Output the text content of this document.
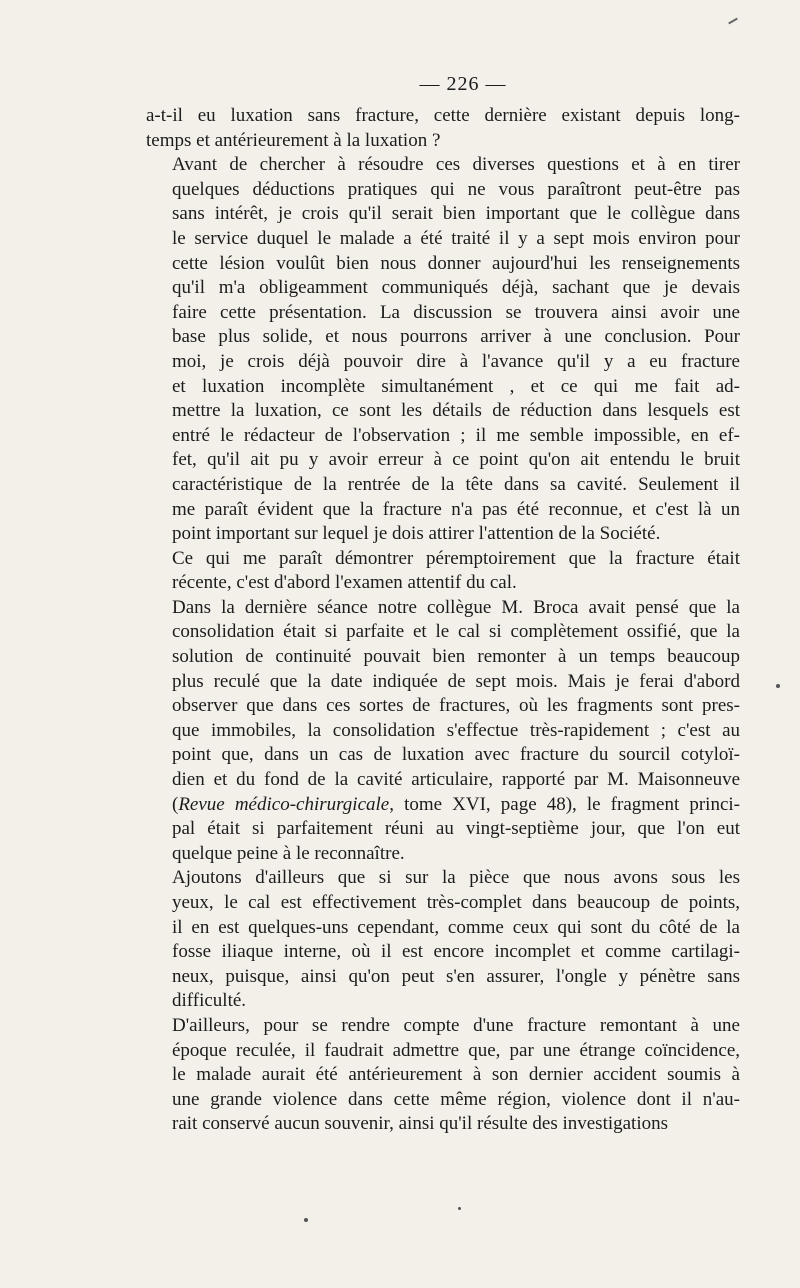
— 226 —

a-t-il eu luxation sans fracture, cette dernière existant depuis long-
temps et antérieurement à la luxation ?

Avant de chercher à résoudre ces diverses questions et à en tirer
quelques déductions pratiques qui ne vous paraîtront peut-être pas
sans intérêt, je crois qu'il serait bien important que le collègue dans
le service duquel le malade a été traité il y a sept mois environ pour
cette lésion voulût bien nous donner aujourd'hui les renseignements
qu'il m'a obligeamment communiqués déjà, sachant que je devais
faire cette présentation. La discussion se trouvera ainsi avoir une
base plus solide, et nous pourrons arriver à une conclusion. Pour
moi, je crois déjà pouvoir dire à l'avance qu'il y a eu fracture
et luxation incomplète simultanément , et ce qui me fait ad-
mettre la luxation, ce sont les détails de réduction dans lesquels est
entré le rédacteur de l'observation ; il me semble impossible, en ef-
fet, qu'il ait pu y avoir erreur à ce point qu'on ait entendu le bruit
caractéristique de la rentrée de la tête dans sa cavité. Seulement il
me paraît évident que la fracture n'a pas été reconnue, et c'est là un
point important sur lequel je dois attirer l'attention de la Société.

Ce qui me paraît démontrer péremptoirement que la fracture était
récente, c'est d'abord l'examen attentif du cal.

Dans la dernière séance notre collègue M. Broca avait pensé que la
consolidation était si parfaite et le cal si complètement ossifié, que la
solution de continuité pouvait bien remonter à un temps beaucoup
plus reculé que la date indiquée de sept mois. Mais je ferai d'abord
observer que dans ces sortes de fractures, où les fragments sont pres-
que immobiles, la consolidation s'effectue très-rapidement ; c'est au
point que, dans un cas de luxation avec fracture du sourcil cotyloï-
dien et du fond de la cavité articulaire, rapporté par M. Maisonneuve
(Revue médico-chirurgicale, tome XVI, page 48), le fragment princi-
pal était si parfaitement réuni au vingt-septième jour, que l'on eut
quelque peine à le reconnaître.

Ajoutons d'ailleurs que si sur la pièce que nous avons sous les
yeux, le cal est effectivement très-complet dans beaucoup de points,
il en est quelques-uns cependant, comme ceux qui sont du côté de la
fosse iliaque interne, où il est encore incomplet et comme cartilagi-
neux, puisque, ainsi qu'on peut s'en assurer, l'ongle y pénètre sans
difficulté.

D'ailleurs, pour se rendre compte d'une fracture remontant à une
époque reculée, il faudrait admettre que, par une étrange coïncidence,
le malade aurait été antérieurement à son dernier accident soumis à
une grande violence dans cette même région, violence dont il n'au-
rait conservé aucun souvenir, ainsi qu'il résulte des investigations
